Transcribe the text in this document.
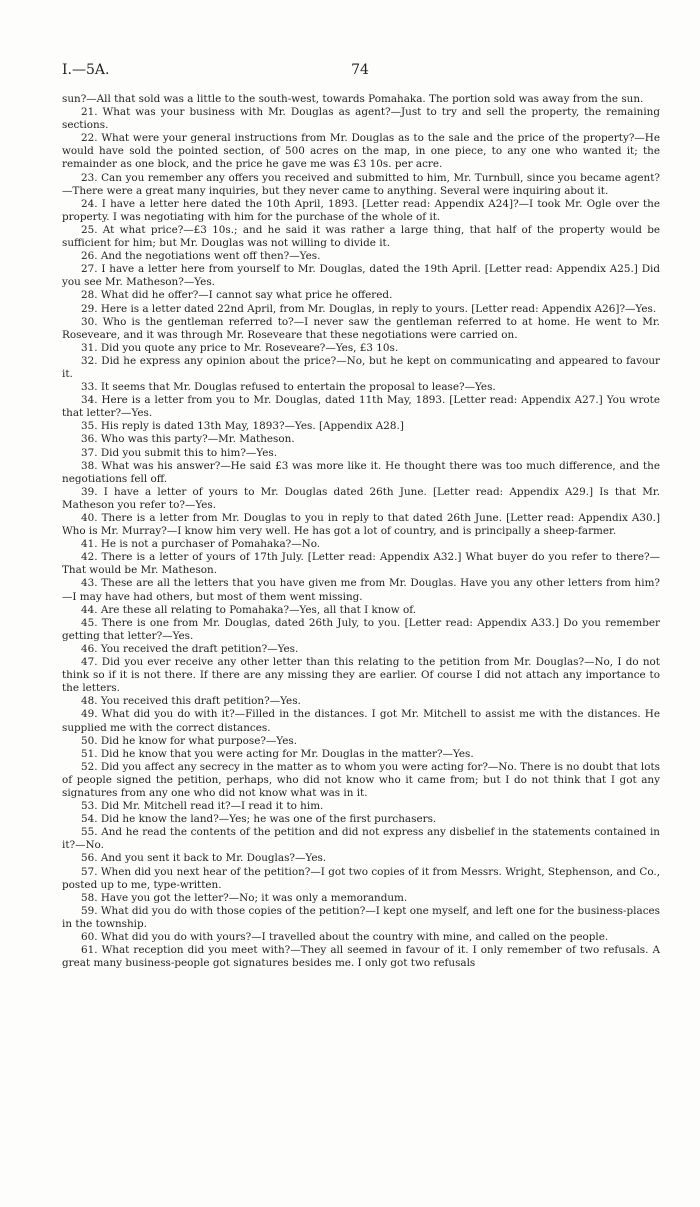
I.—5A.	74

sun?—All that sold was a little to the south-west, towards Pomahaka. The portion sold was away from the sun.

21. What was your business with Mr. Douglas as agent?—Just to try and sell the property, the remaining sections.

22. What were your general instructions from Mr. Douglas as to the sale and the price of the property?—He would have sold the pointed section, of 500 acres on the map, in one piece, to any one who wanted it; the remainder as one block, and the price he gave me was £3 10s. per acre.

23. Can you remember any offers you received and submitted to him, Mr. Turnbull, since you became agent?—There were a great many inquiries, but they never came to anything. Several were inquiring about it.

24. I have a letter here dated the 10th April, 1893. [Letter read: Appendix A24]?—I took Mr. Ogle over the property. I was negotiating with him for the purchase of the whole of it.

25. At what price?—£3 10s.; and he said it was rather a large thing, that half of the property would be sufficient for him; but Mr. Douglas was not willing to divide it.

26. And the negotiations went off then?—Yes.

27. I have a letter here from yourself to Mr. Douglas, dated the 19th April. [Letter read: Appendix A25.] Did you see Mr. Matheson?—Yes.

28. What did he offer?—I cannot say what price he offered.

29. Here is a letter dated 22nd April, from Mr. Douglas, in reply to yours. [Letter read: Appendix A26]?—Yes.

30. Who is the gentleman referred to?—I never saw the gentleman referred to at home. He went to Mr. Roseveare, and it was through Mr. Roseveare that these negotiations were carried on.

31. Did you quote any price to Mr. Roseveare?—Yes, £3 10s.

32. Did he express any opinion about the price?—No, but he kept on communicating and appeared to favour it.

33. It seems that Mr. Douglas refused to entertain the proposal to lease?—Yes.

34. Here is a letter from you to Mr. Douglas, dated 11th May, 1893. [Letter read: Appendix A27.] You wrote that letter?—Yes.

35. His reply is dated 13th May, 1893?—Yes. [Appendix A28.]

36. Who was this party?—Mr. Matheson.

37. Did you submit this to him?—Yes.

38. What was his answer?—He said £3 was more like it. He thought there was too much difference, and the negotiations fell off.

39. I have a letter of yours to Mr. Douglas dated 26th June. [Letter read: Appendix A29.] Is that Mr. Matheson you refer to?—Yes.

40. There is a letter from Mr. Douglas to you in reply to that dated 26th June. [Letter read: Appendix A30.] Who is Mr. Murray?—I know him very well. He has got a lot of country, and is principally a sheep-farmer.

41. He is not a purchaser of Pomahaka?—No.

42. There is a letter of yours of 17th July. [Letter read: Appendix A32.] What buyer do you refer to there?—That would be Mr. Matheson.

43. These are all the letters that you have given me from Mr. Douglas. Have you any other letters from him?—I may have had others, but most of them went missing.

44. Are these all relating to Pomahaka?—Yes, all that I know of.

45. There is one from Mr. Douglas, dated 26th July, to you. [Letter read: Appendix A33.] Do you remember getting that letter?—Yes.

46. You received the draft petition?—Yes.

47. Did you ever receive any other letter than this relating to the petition from Mr. Douglas?—No, I do not think so if it is not there. If there are any missing they are earlier. Of course I did not attach any importance to the letters.

48. You received this draft petition?—Yes.

49. What did you do with it?—Filled in the distances. I got Mr. Mitchell to assist me with the distances. He supplied me with the correct distances.

50. Did he know for what purpose?—Yes.

51. Did he know that you were acting for Mr. Douglas in the matter?—Yes.

52. Did you affect any secrecy in the matter as to whom you were acting for?—No. There is no doubt that lots of people signed the petition, perhaps, who did not know who it came from; but I do not think that I got any signatures from any one who did not know what was in it.

53. Did Mr. Mitchell read it?—I read it to him.

54. Did he know the land?—Yes; he was one of the first purchasers.

55. And he read the contents of the petition and did not express any disbelief in the statements contained in it?—No.

56. And you sent it back to Mr. Douglas?—Yes.

57. When did you next hear of the petition?—I got two copies of it from Messrs. Wright, Stephenson, and Co., posted up to me, type-written.

58. Have you got the letter?—No; it was only a memorandum.

59. What did you do with those copies of the petition?—I kept one myself, and left one for the business-places in the township.

60. What did you do with yours?—I travelled about the country with mine, and called on the people.

61. What reception did you meet with?—They all seemed in favour of it. I only remember of two refusals. A great many business-people got signatures besides me. I only got two refusals
